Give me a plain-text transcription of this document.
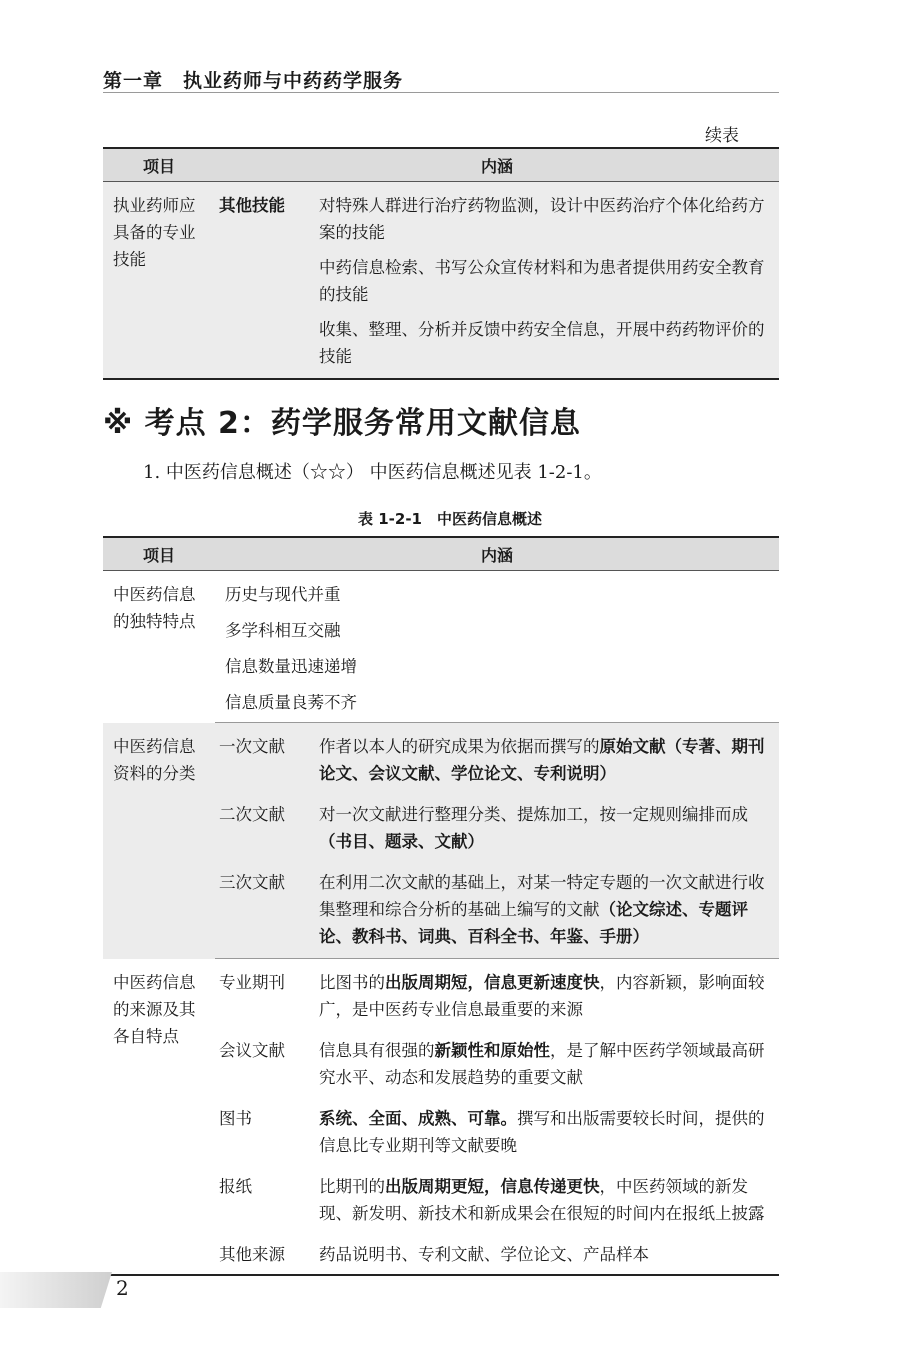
第一章　执业药师与中药药学服务
续表
项目	内涵	
执业药师应具备的专业技能	其他技能	对特殊人群进行治疗药物监测，设计中医药治疗个体化给药方案的技能
		中药信息检索、书写公众宣传材料和为患者提供用药安全教育的技能
		收集、整理、分析并反馈中药安全信息，开展中药药物评价的技能
※ 考点 2：药学服务常用文献信息
1. 中医药信息概述（☆☆） 中医药信息概述见表 1-2-1。
表 1-2-1　中医药信息概述
项目	内涵	
中医药信息的独特特点	历史与现代并重	
	多学科相互交融	
	信息数量迅速递增	
	信息质量良莠不齐	
中医药信息资料的分类	一次文献	作者以本人的研究成果为依据而撰写的原始文献（专著、期刊论文、会议文献、学位论文、专利说明）
	二次文献	对一次文献进行整理分类、提炼加工，按一定规则编排而成（书目、题录、文献）
	三次文献	在利用二次文献的基础上，对某一特定专题的一次文献进行收集整理和综合分析的基础上编写的文献（论文综述、专题评论、教科书、词典、百科全书、年鉴、手册）
中医药信息的来源及其各自特点	专业期刊	比图书的出版周期短，信息更新速度快，内容新颖，影响面较广，是中医药专业信息最重要的来源
	会议文献	信息具有很强的新颖性和原始性，是了解中医药学领域最高研究水平、动态和发展趋势的重要文献
	图书	系统、全面、成熟、可靠。撰写和出版需要较长时间，提供的信息比专业期刊等文献要晚
	报纸	比期刊的出版周期更短，信息传递更快，中医药领域的新发现、新发明、新技术和新成果会在很短的时间内在报纸上披露
	其他来源	药品说明书、专利文献、学位论文、产品样本
2
